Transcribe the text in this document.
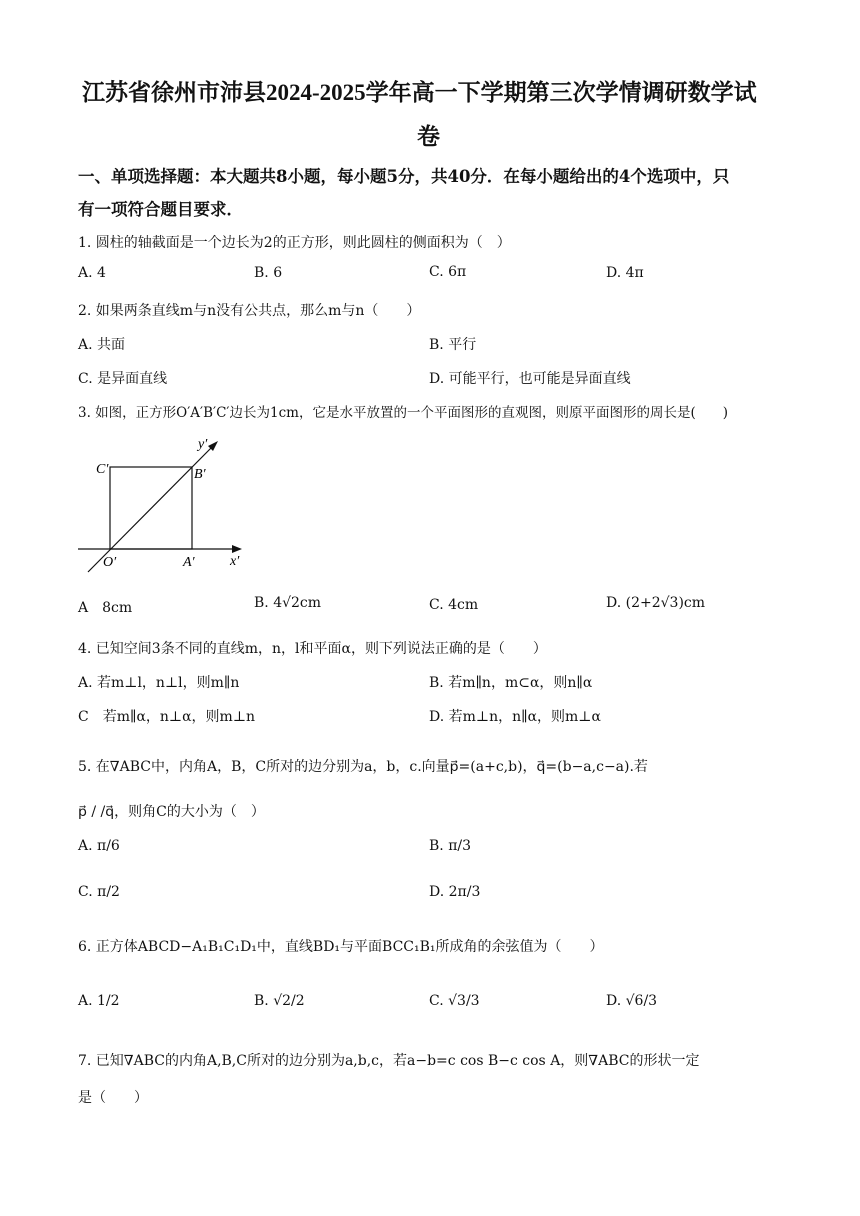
江苏省徐州市沛县2024-2025学年高一下学期第三次学情调研数学试
卷
一、单项选择题：本大题共8小题，每小题5分，共40分．在每小题给出的4个选项中，只
有一项符合题目要求．
1. 圆柱的轴截面是一个边长为2的正方形，则此圆柱的侧面积为（　）
A. 4	B. 6	C. 6π	D. 4π
2. 如果两条直线m与n没有公共点，那么m与n（　　）
A. 共面	B. 平行
C. 是异面直线	D. 可能平行，也可能是异面直线
3. 如图，正方形O′A′B′C′边长为1cm，它是水平放置的一个平面图形的直观图，则原平面图形的周长是(　　)
y′
C′	B′
O′	A′	x′
A　8cm	B. 4√2cm	C. 4cm	D. (2+2√3)cm
4. 已知空间3条不同的直线m，n，l和平面α，则下列说法正确的是（　　）
A. 若m⊥l，n⊥l，则m∥n	B. 若m∥n，m⊂α，则n∥α
C　若m∥α，n⊥α，则m⊥n	D. 若m⊥n，n∥α，则m⊥α
5. 在∇ABC中，内角A，B，C所对的边分别为a，b，c.向量p⃗=(a+c,b)，q⃗=(b−a,c−a).若
p⃗ / /q⃗，则角C的大小为（　）
A. π/6	B. π/3
C. π/2	D. 2π/3
6. 正方体ABCD−A₁B₁C₁D₁中，直线BD₁与平面BCC₁B₁所成角的余弦值为（　　）
A. 1/2	B. √2/2	C. √3/3	D. √6/3
7. 已知∇ABC的内角A,B,C所对的边分别为a,b,c，若a−b=c cos B−c cos A，则∇ABC的形状一定
是（　　）
